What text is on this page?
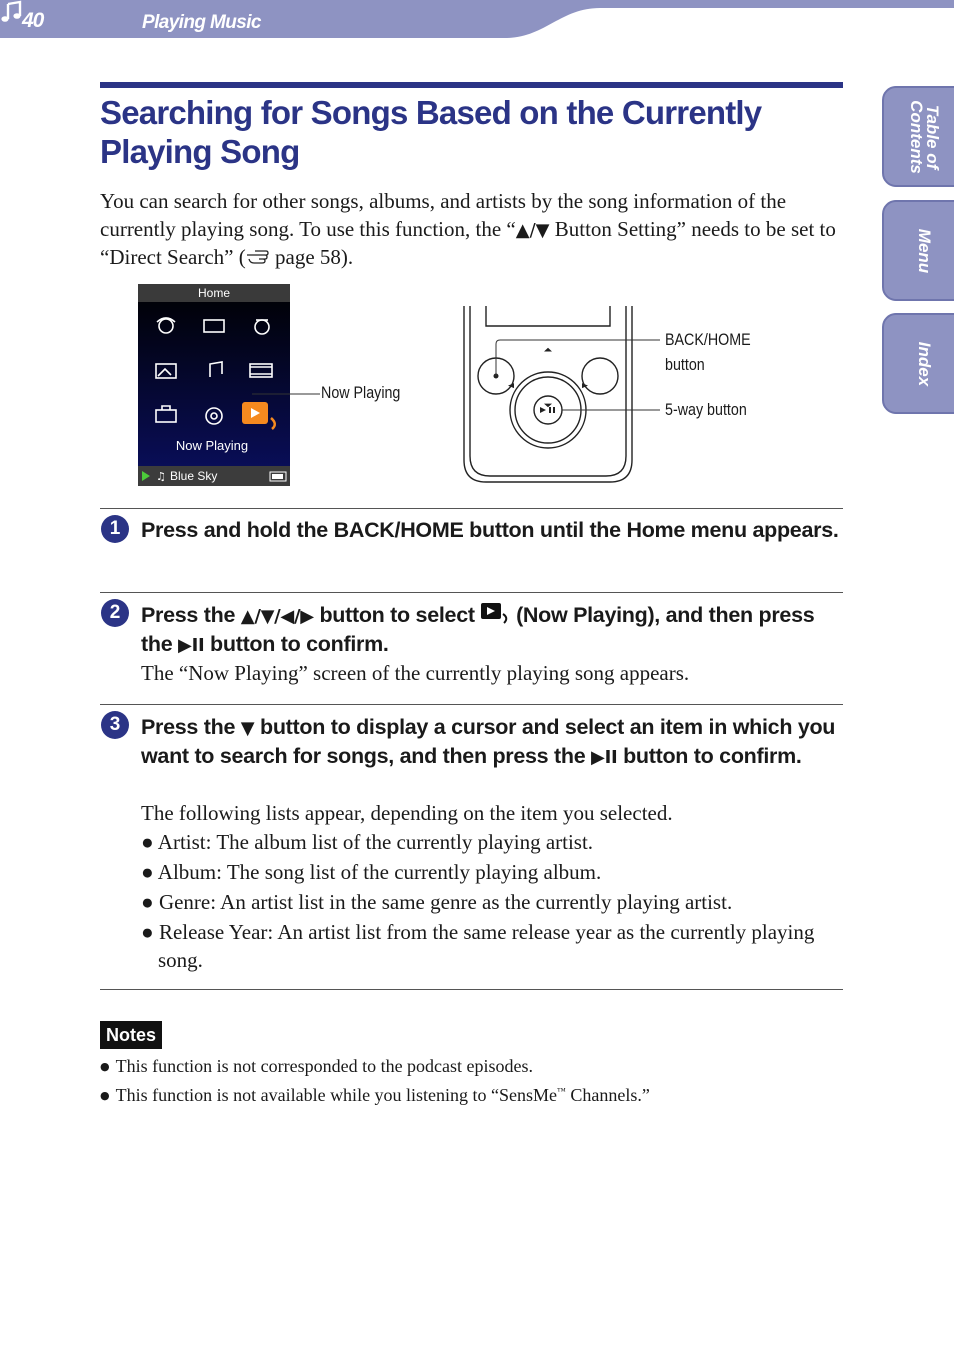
40	Playing Music
Table of
Contents
Menu
Index
Searching for Songs Based on the Currently Playing Song

You can search for other songs, albums, and artists by the song information of the currently playing song. To use this function, the “▲/▼ Button Setting” needs to be set to “Direct Search” ( page 58).

Home
Now Playing
♫ Blue Sky
Now Playing
BACK/HOME
button
5-way button
1 Press and hold the BACK/HOME button until the Home menu appears.

2 Press the ▲/▼/◀/▶ button to select  (Now Playing), and then press the ▶II button to confirm.

The “Now Playing” screen of the currently playing song appears.

3 Press the ▼ button to display a cursor and select an item in which you want to search for songs, and then press the ▶II button to confirm.

The following lists appear, depending on the item you selected.
● Artist: The album list of the currently playing artist.
● Album: The song list of the currently playing album.
● Genre: An artist list in the same genre as the currently playing artist.
● Release Year: An artist list from the same release year as the currently playing song.
Notes
● This function is not corresponded to the podcast episodes.
● This function is not available while you listening to “SensMe™ Channels.”
